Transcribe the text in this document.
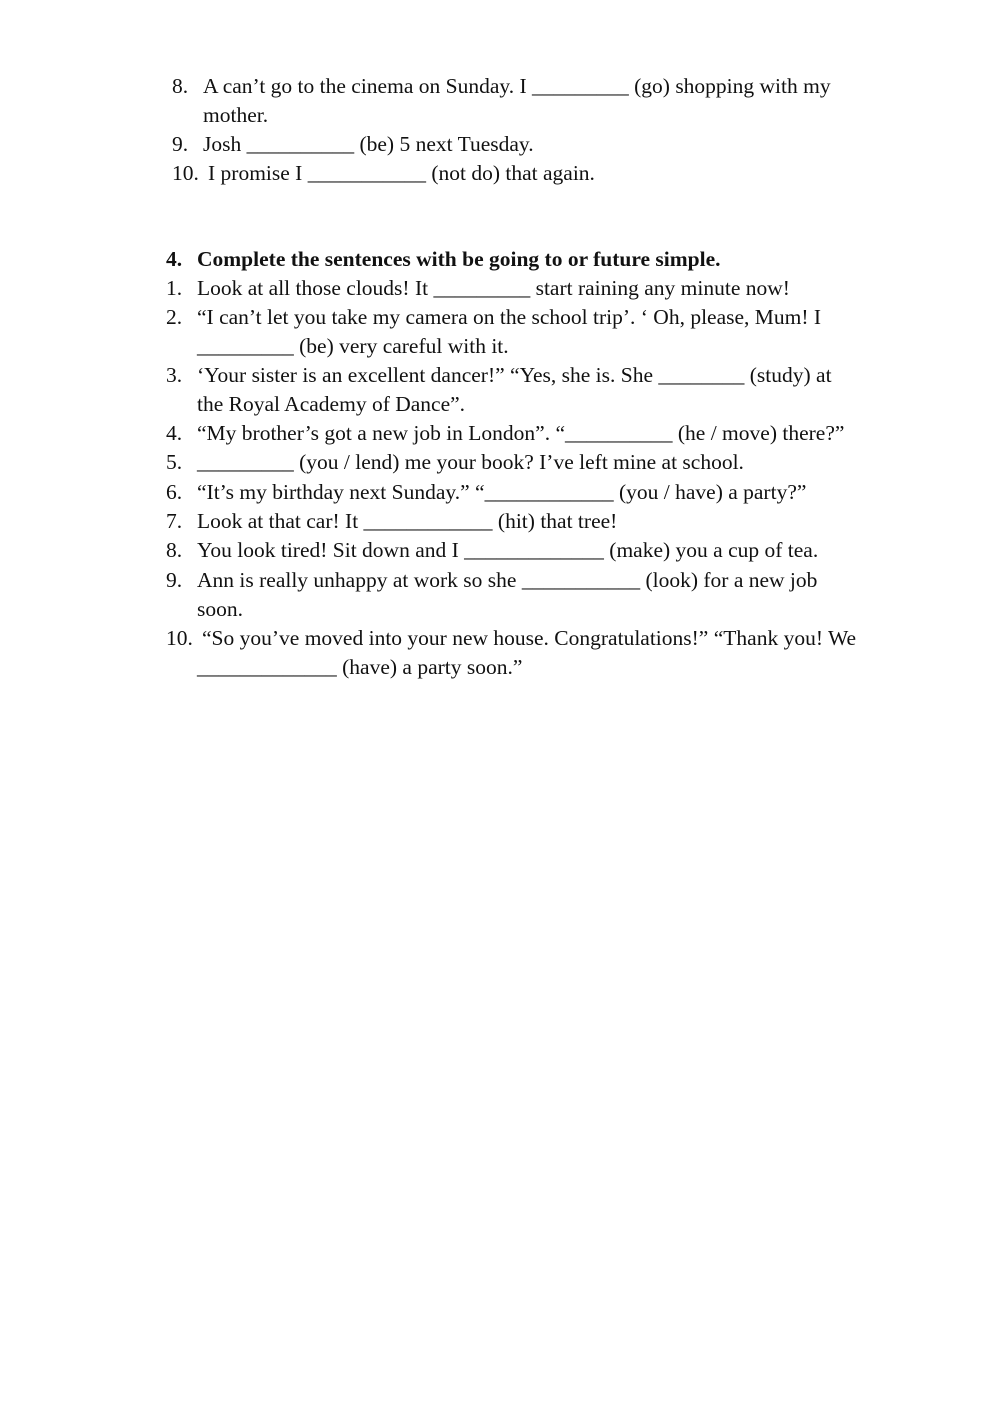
8. A can’t go to the cinema on Sunday. I _________ (go) shopping with my
mother.
9. Josh __________ (be) 5 next Tuesday.
10. I promise I ___________ (not do) that again.
4. Complete the sentences with be going to or future simple.
1. Look at all those clouds! It _________ start raining any minute now!
2. “I can’t let you take my camera on the school trip’. ‘ Oh, please, Mum! I
_________ (be) very careful with it.
3. ‘Your sister is an excellent dancer!” “Yes, she is. She ________ (study) at
the Royal Academy of Dance”.
4. “My brother’s got a new job in London”. “__________ (he / move) there?”
5. _________ (you / lend) me your book? I’ve left mine at school.
6. “It’s my birthday next Sunday.” “____________ (you / have) a party?”
7. Look at that car! It ____________ (hit) that tree!
8. You look tired! Sit down and I _____________ (make) you a cup of tea.
9. Ann is really unhappy at work so she ___________ (look) for a new job
soon.
10. “So you’ve moved into your new house. Congratulations!” “Thank you! We
_____________ (have) a party soon.”
